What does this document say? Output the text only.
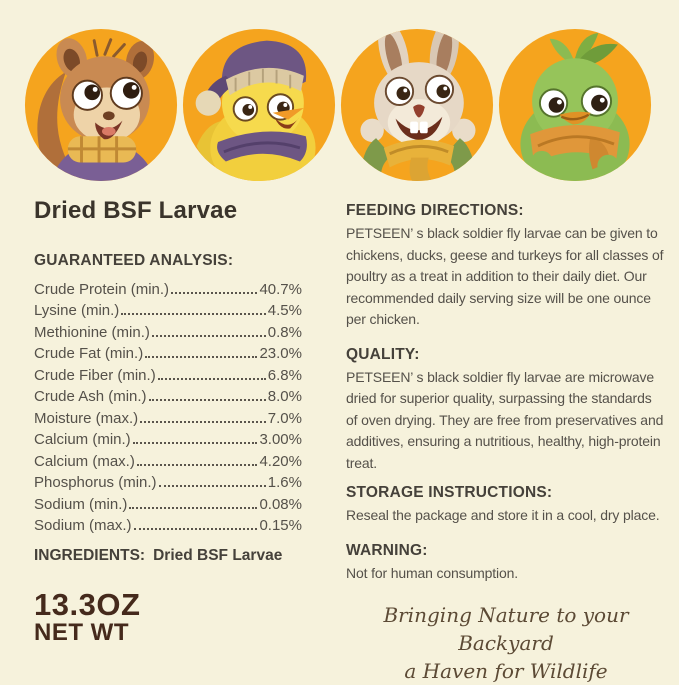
Dried BSF Larvae
GUARANTEED ANALYSIS:
Crude Protein (min.)	40.7%
Lysine (min.)	4.5%
Methionine (min.)	0.8%
Crude Fat (min.)	23.0%
Crude Fiber (min.)	6.8%
Crude Ash (min.)	8.0%
Moisture (max.)	7.0%
Calcium (min.)	3.00%
Calcium (max.)	4.20%
Phosphorus (min.)	1.6%
Sodium (min.)	0.08%
Sodium (max.)	0.15%
INGREDIENTS: Dried BSF Larvae
13.3OZ
NET WT
FEEDING DIRECTIONS:

PETSEEN’ s black soldier fly larvae can be given to chickens, ducks, geese and turkeys for all classes of poultry as a treat in addition to their daily diet. Our recommended daily serving size will be one ounce per chicken.

QUALITY:

PETSEEN’ s black soldier fly larvae are microwave dried for superior quality, surpassing the standards of oven drying. They are free from preservatives and additives, ensuring a nutritious, healthy, high-protein treat.

STORAGE INSTRUCTIONS:

Reseal the package and store it in a cool, dry place.

WARNING:

Not for human consumption.

Bringing Nature to your Backyard
a Haven for Wildlife
